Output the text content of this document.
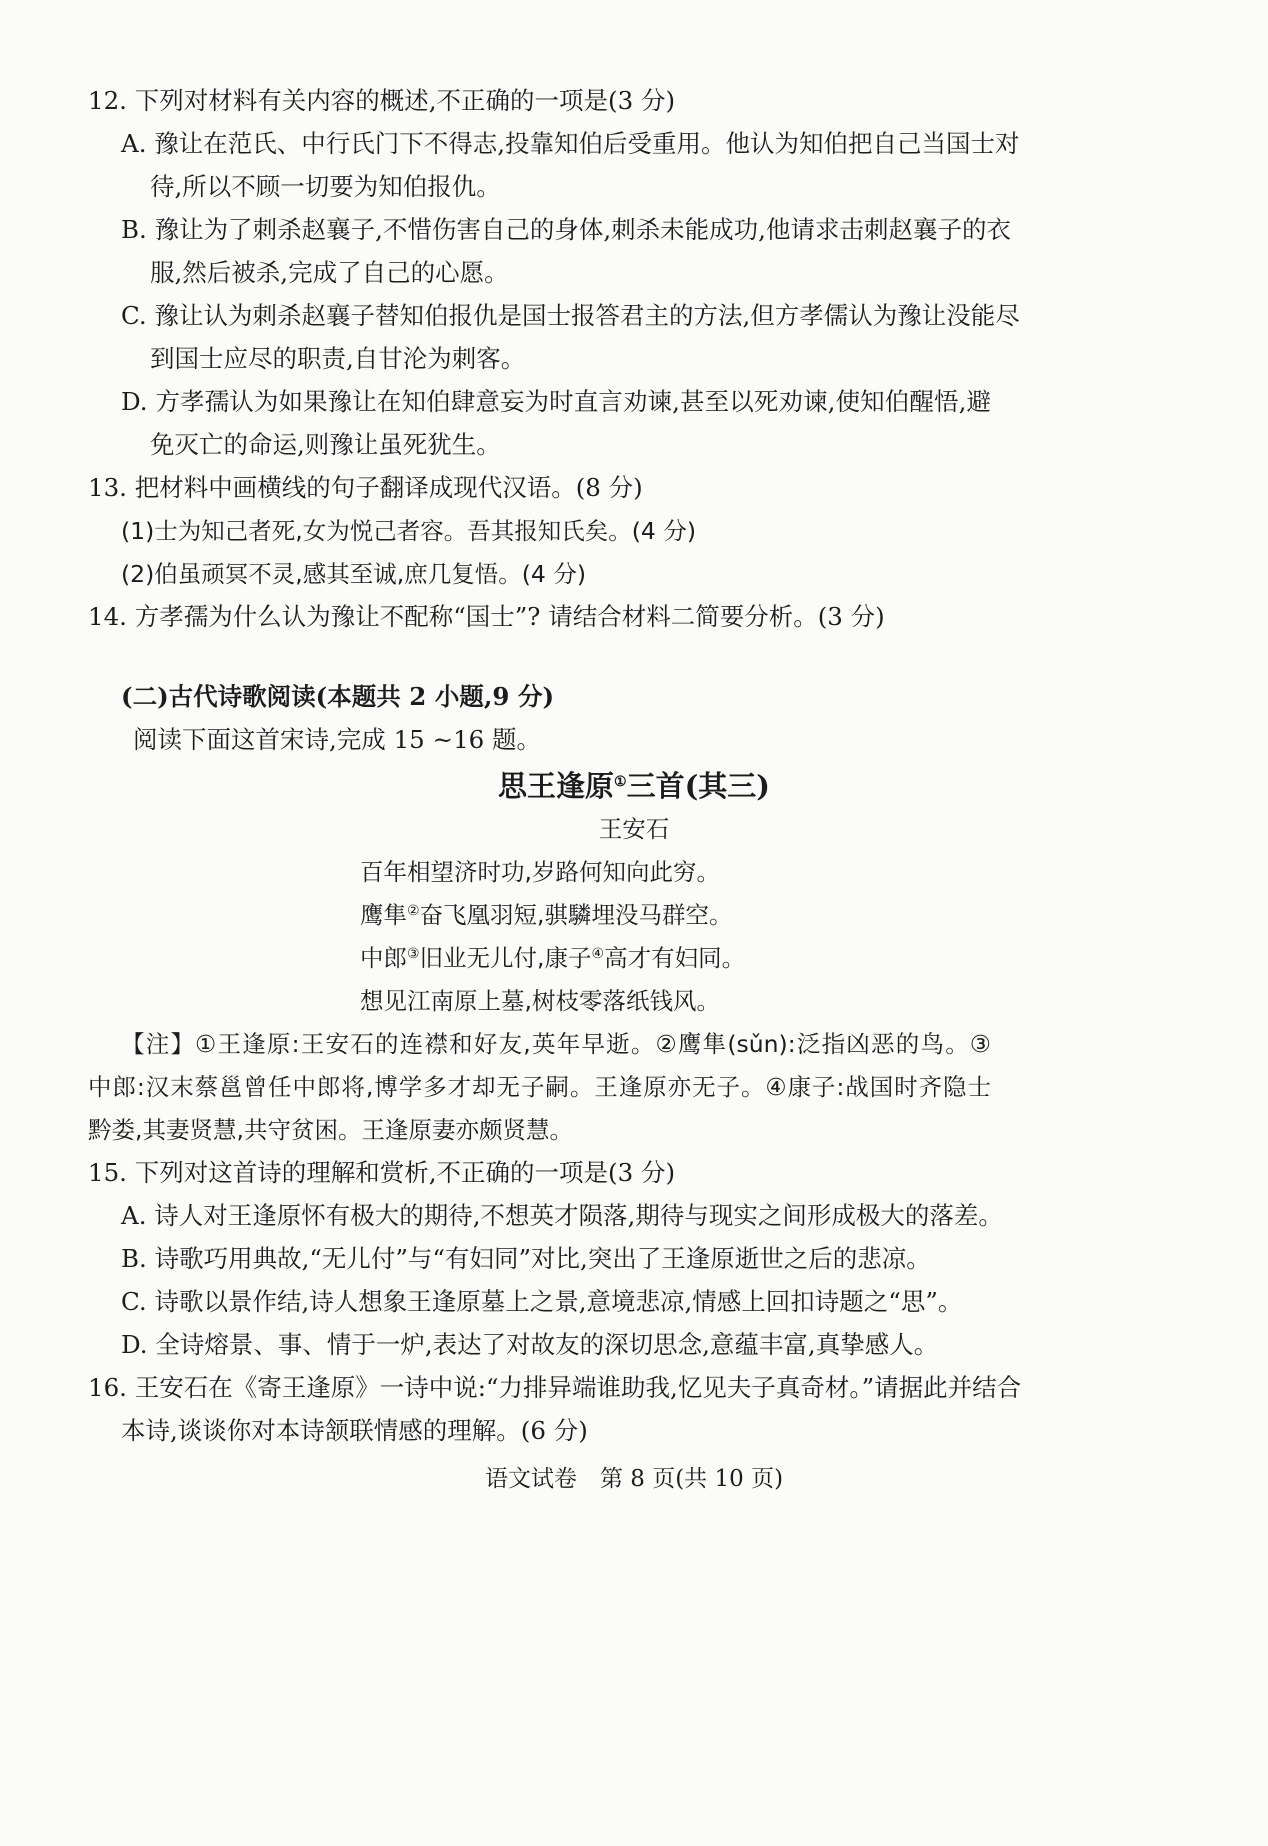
12. 下列对材料有关内容的概述,不正确的一项是(3 分)
A. 豫让在范氏、中行氏门下不得志,投靠知伯后受重用。他认为知伯把自己当国士对
待,所以不顾一切要为知伯报仇。
B. 豫让为了刺杀赵襄子,不惜伤害自己的身体,刺杀未能成功,他请求击刺赵襄子的衣
服,然后被杀,完成了自己的心愿。
C. 豫让认为刺杀赵襄子替知伯报仇是国士报答君主的方法,但方孝儒认为豫让没能尽
到国士应尽的职责,自甘沦为刺客。
D. 方孝孺认为如果豫让在知伯肆意妄为时直言劝谏,甚至以死劝谏,使知伯醒悟,避
免灭亡的命运,则豫让虽死犹生。
13. 把材料中画横线的句子翻译成现代汉语。(8 分)
(1)士为知己者死,女为悦己者容。吾其报知氏矣。(4 分)
(2)伯虽顽冥不灵,感其至诚,庶几复悟。(4 分)
14. 方孝孺为什么认为豫让不配称“国士”? 请结合材料二简要分析。(3 分)
(二)古代诗歌阅读(本题共 2 小题,9 分)
阅读下面这首宋诗,完成 15 ~16 题。
思王逢原①三首(其三)
王安石
百年相望济时功,岁路何知向此穷。
鹰隼②奋飞凰羽短,骐驎埋没马群空。
中郎③旧业无儿付,康子④高才有妇同。
想见江南原上墓,树枝零落纸钱风。
【注】①王逢原:王安石的连襟和好友,英年早逝。②鹰隼(sǔn):泛指凶恶的鸟。③
中郎:汉末蔡邕曾任中郎将,博学多才却无子嗣。王逢原亦无子。④康子:战国时齐隐士
黔娄,其妻贤慧,共守贫困。王逢原妻亦颇贤慧。
15. 下列对这首诗的理解和赏析,不正确的一项是(3 分)
A. 诗人对王逢原怀有极大的期待,不想英才陨落,期待与现实之间形成极大的落差。
B. 诗歌巧用典故,“无儿付”与“有妇同”对比,突出了王逢原逝世之后的悲凉。
C. 诗歌以景作结,诗人想象王逢原墓上之景,意境悲凉,情感上回扣诗题之“思”。
D. 全诗熔景、事、情于一炉,表达了对故友的深切思念,意蕴丰富,真挚感人。
16. 王安石在《寄王逢原》一诗中说:“力排异端谁助我,忆见夫子真奇材。”请据此并结合
本诗,谈谈你对本诗颔联情感的理解。(6 分)
语文试卷　第 8 页(共 10 页)
